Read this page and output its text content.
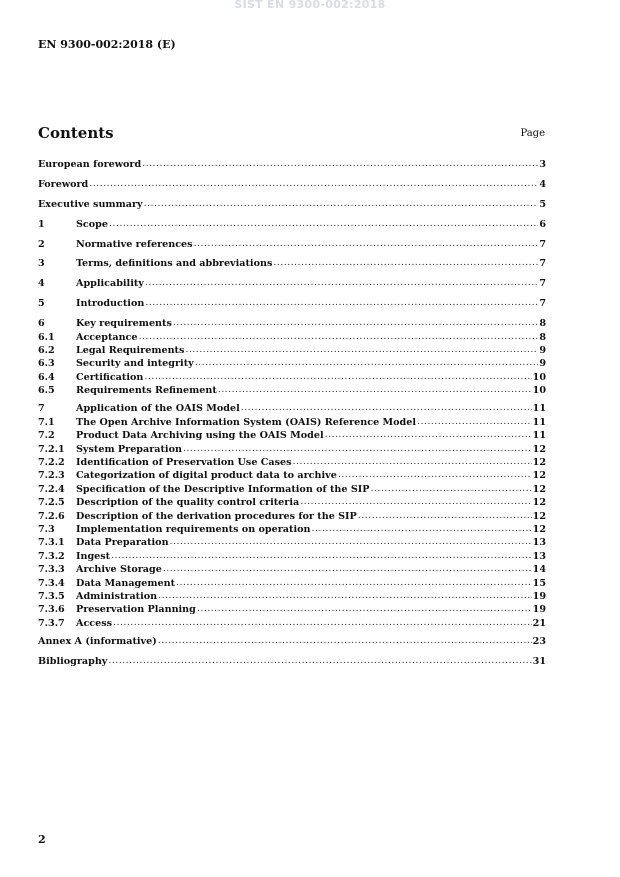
SIST EN 9300-002:2018
EN 9300-002:2018 (E)
Contents	Page
European foreword .....	3
Foreword .....	4
Executive summary .....	5
1	Scope .....	6
2	Normative references .....	7
3	Terms, definitions and abbreviations .....	7
4	Applicability .....	7
5	Introduction .....	7
6	Key requirements .....	8
6.1	Acceptance .....	8
6.2	Legal Requirements .....	9
6.3	Security and integrity .....	9
6.4	Certification .....	10
6.5	Requirements Refinement .....	10
7	Application of the OAIS Model .....	11
7.1	The Open Archive Information System (OAIS) Reference Model .....	11
7.2	Product Data Archiving using the OAIS Model .....	11
7.2.1	System Preparation .....	12
7.2.2	Identification of Preservation Use Cases .....	12
7.2.3	Categorization of digital product data to archive .....	12
7.2.4	Specification of the Descriptive Information of the SIP .....	12
7.2.5	Description of the quality control criteria .....	12
7.2.6	Description of the derivation procedures for the SIP .....	12
7.3	Implementation requirements on operation .....	12
7.3.1	Data Preparation .....	13
7.3.2	Ingest .....	13
7.3.3	Archive Storage .....	14
7.3.4	Data Management .....	15
7.3.5	Administration .....	19
7.3.6	Preservation Planning .....	19
7.3.7	Access .....	21
Annex A (informative) .....	23
Bibliography .....	31
2
